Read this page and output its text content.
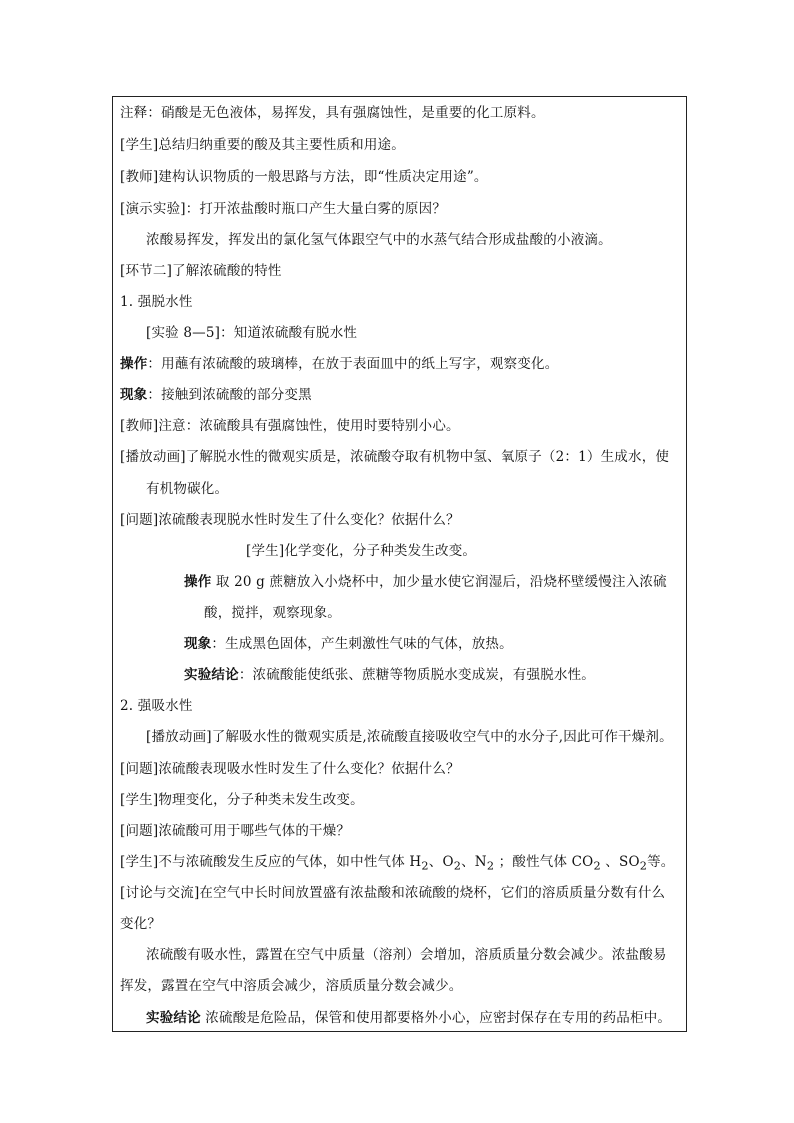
注释：硝酸是无色液体，易挥发，具有强腐蚀性，是重要的化工原料。
[学生]总结归纳重要的酸及其主要性质和用途。
[教师]建构认识物质的一般思路与方法，即“性质决定用途”。
[演示实验]：打开浓盐酸时瓶口产生大量白雾的原因？
浓酸易挥发，挥发出的氯化氢气体跟空气中的水蒸气结合形成盐酸的小液滴。
[环节二]了解浓硫酸的特性
1. 强脱水性
[实验 8—5]：知道浓硫酸有脱水性
操作：用蘸有浓硫酸的玻璃棒，在放于表面皿中的纸上写字，观察变化。
现象：接触到浓硫酸的部分变黑
[教师]注意：浓硫酸具有强腐蚀性，使用时要特别小心。
[播放动画]了解脱水性的微观实质是，浓硫酸夺取有机物中氢、氧原子（2：1）生成水，使
有机物碳化。
[问题]浓硫酸表现脱水性时发生了什么变化？依据什么？
[学生]化学变化，分子种类发生改变。
操作 取 20 g 蔗糖放入小烧杯中，加少量水使它润湿后，沿烧杯壁缓慢注入浓硫
酸，搅拌，观察现象。
现象：生成黑色固体，产生刺激性气味的气体，放热。
实验结论：浓硫酸能使纸张、蔗糖等物质脱水变成炭，有强脱水性。
2. 强吸水性
[播放动画]了解吸水性的微观实质是,浓硫酸直接吸收空气中的水分子,因此可作干燥剂。
[问题]浓硫酸表现吸水性时发生了什么变化？依据什么？
[学生]物理变化，分子种类未发生改变。
[问题]浓硫酸可用于哪些气体的干燥？
[学生]不与浓硫酸发生反应的气体，如中性气体 $H_2$、$O_2$、$N_2$ ；酸性气体 $CO_2$ 、$SO_2$等。
[讨论与交流]在空气中长时间放置盛有浓盐酸和浓硫酸的烧杯，它们的溶质质量分数有什么
变化？
浓硫酸有吸水性，露置在空气中质量（溶剂）会增加，溶质质量分数会减少。浓盐酸易
挥发，露置在空气中溶质会减少，溶质质量分数会减少。
实验结论 浓硫酸是危险品，保管和使用都要格外小心，应密封保存在专用的药品柜中。
